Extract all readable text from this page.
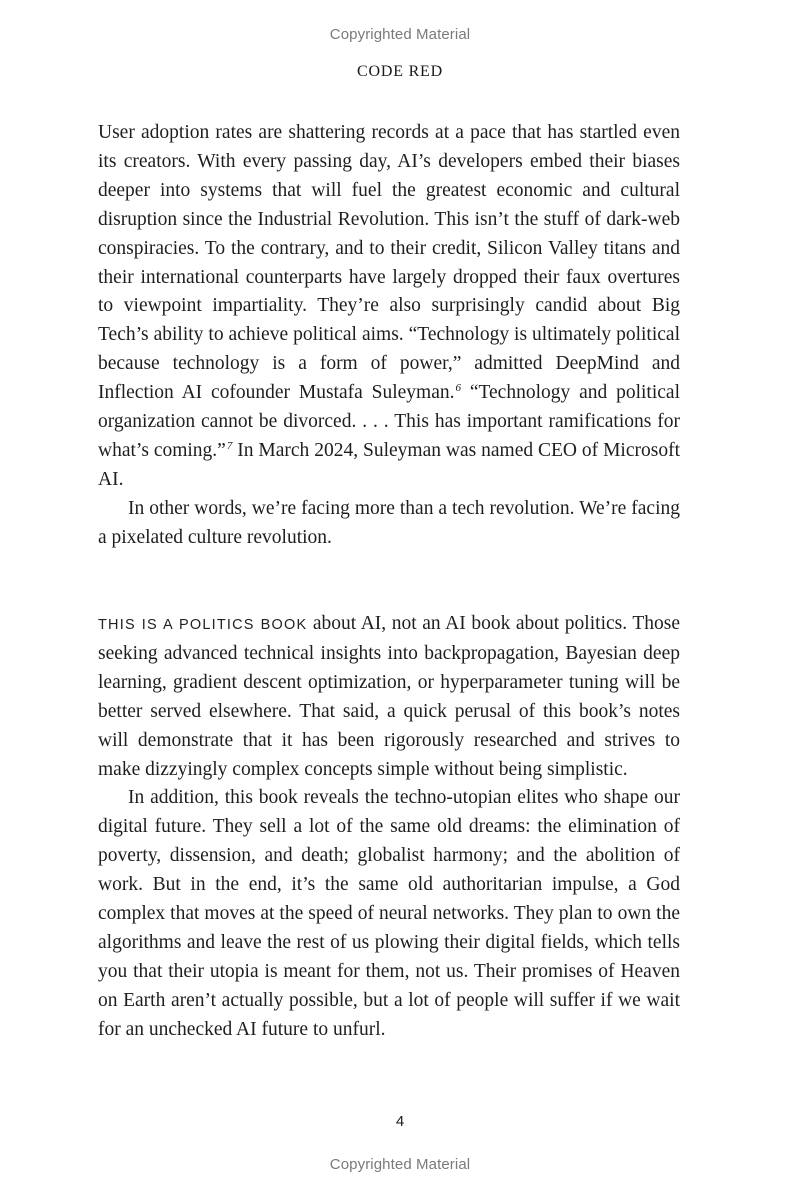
Copyrighted Material
CODE RED

User adoption rates are shattering records at a pace that has startled even its creators. With every passing day, AI’s developers embed their biases deeper into systems that will fuel the greatest economic and cultural disruption since the Industrial Revolution. This isn’t the stuff of dark-web conspiracies. To the contrary, and to their credit, Silicon Valley titans and their international counterparts have largely dropped their faux overtures to viewpoint impartiality. They’re also surprisingly candid about Big Tech’s ability to achieve political aims. “Technology is ultimately political because technology is a form of power,” admitted DeepMind and Inflection AI cofounder Mustafa Suleyman.$^6$ “Technology and political organization cannot be divorced. . . . This has important ramifications for what’s coming.”$^7$ In March 2024, Suleyman was named CEO of Microsoft AI.

In other words, we’re facing more than a tech revolution. We’re facing a pixelated culture revolution.

THIS IS A POLITICS BOOK about AI, not an AI book about politics. Those seeking advanced technical insights into backpropagation, Bayesian deep learning, gradient descent optimization, or hyperparameter tuning will be better served elsewhere. That said, a quick perusal of this book’s notes will demonstrate that it has been rigorously researched and strives to make dizzyingly complex concepts simple without being simplistic.

In addition, this book reveals the techno-utopian elites who shape our digital future. They sell a lot of the same old dreams: the elimination of poverty, dissension, and death; globalist harmony; and the abolition of work. But in the end, it’s the same old authoritarian impulse, a God complex that moves at the speed of neural networks. They plan to own the algorithms and leave the rest of us plowing their digital fields, which tells you that their utopia is meant for them, not us. Their promises of Heaven on Earth aren’t actually possible, but a lot of people will suffer if we wait for an unchecked AI future to unfurl.

4
Copyrighted Material
